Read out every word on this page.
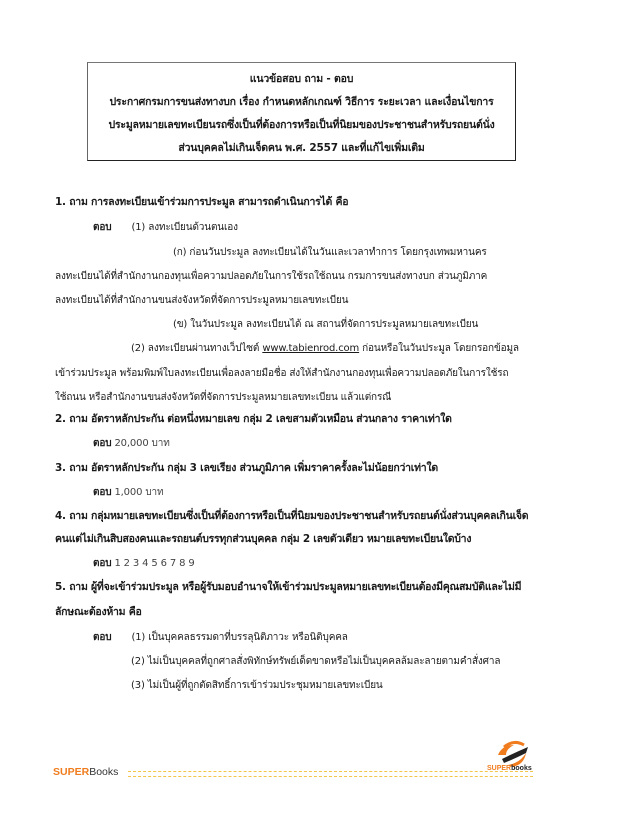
แนวข้อสอบ ถาม - ตอบ
ประกาศกรมการขนส่งทางบก เรื่อง กำหนดหลักเกณฑ์ วิธีการ ระยะเวลา และเงื่อนไขการ
ประมูลหมายเลขทะเบียนรถซึ่งเป็นที่ต้องการหรือเป็นที่นิยมของประชาชนสำหรับรถยนต์นั่ง
ส่วนบุคคลไม่เกินเจ็ดคน พ.ศ. 2557 และที่แก้ไขเพิ่มเติม
1. ถาม การลงทะเบียนเข้าร่วมการประมูล สามารถดำเนินการได้ คือ
ตอบ (1) ลงทะเบียนด้วนตนเอง
(ก) ก่อนวันประมูล ลงทะเบียนได้ในวันและเวลาทำการ โดยกรุงเทพมหานคร
ลงทะเบียนได้ที่สำนักงานกองทุนเพื่อความปลอดภัยในการใช้รถใช้ถนน กรมการขนส่งทางบก ส่วนภูมิภาค
ลงทะเบียนได้ที่สำนักงานขนส่งจังหวัดที่จัดการประมูลหมายเลขทะเบียน
(ข) ในวันประมูล ลงทะเบียนได้ ณ สถานที่จัดการประมูลหมายเลขทะเบียน
(2) ลงทะเบียนผ่านทางเว็ปไซต์ www.tabienrod.com ก่อนหรือในวันประมูล โดยกรอกข้อมูล
เข้าร่วมประมูล พร้อมพิมพ์ใบลงทะเบียนเพื่อลงลายมือชื่อ ส่งให้สำนักงานกองทุนเพื่อความปลอดภัยในการใช้รถ
ใช้ถนน หรือสำนักงานขนส่งจังหวัดที่จัดการประมูลหมายเลขทะเบียน แล้วแต่กรณี
2. ถาม อัตราหลักประกัน ต่อหนึ่งหมายเลข กลุ่ม 2 เลขสามตัวเหมือน ส่วนกลาง ราคาเท่าใด
ตอบ 20,000 บาท
3. ถาม อัตราหลักประกัน กลุ่ม 3 เลขเรียง ส่วนภูมิภาค เพิ่มราคาครั้งละไม่น้อยกว่าเท่าใด
ตอบ 1,000 บาท
4. ถาม กลุ่มหมายเลขทะเบียนซึ่งเป็นที่ต้องการหรือเป็นที่นิยมของประชาชนสำหรับรถยนต์นั่งส่วนบุคคลเกินเจ็ด
คนแต่ไม่เกินสิบสองคนและรถยนต์บรรทุกส่วนบุคคล กลุ่ม 2 เลขตัวเดียว หมายเลขทะเบียนใดบ้าง
ตอบ 1 2 3 4 5 6 7 8 9
5. ถาม ผู้ที่จะเข้าร่วมประมูล หรือผู้รับมอบอำนาจให้เข้าร่วมประมูลหมายเลขทะเบียนต้องมีคุณสมบัติและไม่มี
ลักษณะต้องห้าม คือ
ตอบ (1) เป็นบุคคลธรรมดาที่บรรลุนิติภาวะ หรือนิติบุคคล
(2) ไม่เป็นบุคคลที่ถูกศาลสั่งพิทักษ์ทรัพย์เด็ดขาดหรือไม่เป็นบุคคลล้มละลายตามคำสั่งศาล
(3) ไม่เป็นผู้ที่ถูกตัดสิทธิ์การเข้าร่วมประชุมหมายเลขทะเบียน
SUPERBooks	SUPERbooks
